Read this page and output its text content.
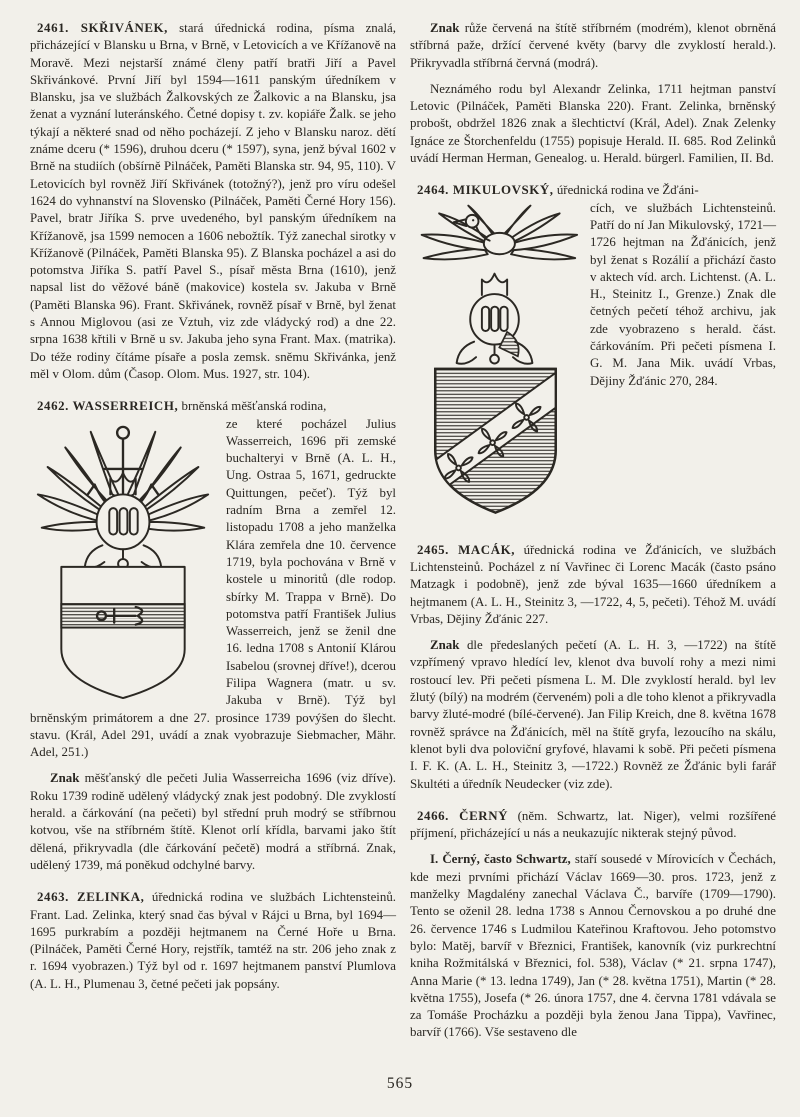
2461. SKŘIVÁNEK, stará úřednická rodina, písma znalá, přicházející v Blansku u Brna, v Brně, v Letovicích a ve Křížanově na Moravě. Mezi nejstarší známé členy patří bratři Jiří a Pavel Skřivánkové. První Jiří byl 1594—1611 panským úředníkem v Blansku, jsa ve službách Žalkovských ze Žalkovic a na Blansku, jsa ženat a vyznání luteránského. Četné dopisy t. zv. kopiáře Žalk. se jeho týkají a některé snad od něho pocházejí. Z jeho v Blansku naroz. dětí známe dceru (* 1596), druhou dceru (* 1597), syna, jenž býval 1602 v Brně na studiích (obšírně Pilnáček, Paměti Blanska str. 94, 95, 110). V Letovicích byl rovněž Jiří Skřivánek (totožný?), jenž pro víru odešel 1624 do vyhnanství na Slovensko (Pilnáček, Paměti Černé Hory 156). Pavel, bratr Jiříka S. prve uvedeného, byl panským úředníkem na Křížanově, jsa 1599 nemocen a 1606 nebožtík. Týž zanechal sirotky v Křížanově (Pilnáček, Paměti Blanska 95). Z Blanska pocházel a asi do potomstva Jiříka S. patří Pavel S., písař města Brna (1610), jenž napsal list do věžové báně (makovice) kostela sv. Jakuba v Brně (Paměti Blanska 96). Frant. Skřivánek, rovněž písař v Brně, byl ženat s Annou Miglovou (asi ze Vztuh, viz zde vládycký rod) a dne 22. srpna 1638 křtili v Brně u sv. Jakuba jeho syna Frant. Max. (matrika). Do téže rodiny čítáme písaře a posla zemsk. sněmu Skřivánka, jenž měl v Olom. dům (Časop. Olom. Mus. 1927, str. 104).

2462. WASSERREICH, brněnská měšťanská rodina,

ze které pocházel Julius Wasserreich, 1696 při zemské buchalteryi v Brně (A. L. H., Ung. Ostraa 5, 1671, gedruckte Quittungen, pečeť). Týž byl radním Brna a zemřel 12. listopadu 1708 a jeho manželka Klára zemřela dne 10. července 1719, byla pochována v Brně v kostele u minoritů (dle rodop. sbírky M. Trappa v Brně). Do potomstva patří František Julius Wasserreich, jenž se ženil dne 16. ledna 1708 s Antonií Klárou Isabelou (srovnej dříve!), dcerou Filipa Wagnera (matr. u sv. Jakuba v Brně). Týž byl brněnským primátorem a dne 27. prosince 1739 povýšen do šlecht. stavu. (Král, Adel 291, uvádí a znak vyobrazuje Siebmacher, Mähr. Adel, 251.)

Znak měšťanský dle pečeti Julia Wasserreicha 1696 (viz dříve). Roku 1739 rodině udělený vládycký znak jest podobný. Dle zvyklostí herald. a čárkování (na pečeti) byl střední pruh modrý se stříbrnou kotvou, vše na stříbrném štítě. Klenot orlí křídla, barvami jako štít dělená, přikryvadla (dle čárkování pečetě) modrá a stříbrná. Znak, udělený 1739, má poněkud odchylné barvy.

2463. ZELINKA, úřednická rodina ve službách Lichtensteinů. Frant. Lad. Zelinka, který snad čas býval v Rájci u Brna, byl 1694—1695 purkrabím a později hejtmanem na Černé Hoře u Brna. (Pilnáček, Paměti Černé Hory, rejstřík, tamtéž na str. 206 jeho znak z r. 1694 vyobrazen.) Týž byl od r. 1697 hejtmanem panství Plumlova (A. L. H., Plumenau 3, četné pečeti jak popsány.

Znak růže červená na štítě stříbrném (modrém), klenot obrněná stříbrná paže, držící červené květy (barvy dle zvyklostí herald.). Přikryvadla stříbrná červná (modrá).

Neznámého rodu byl Alexandr Zelinka, 1711 hejtman panství Letovic (Pilnáček, Paměti Blanska 220). Frant. Zelinka, brněnský probošt, obdržel 1826 znak a šlechtictví (Král, Adel). Znak Zelenky Ignáce ze Štorchenfeldu (1755) popisuje Herald. II. 685. Rod Zelinků uvádí Herman Herman, Genealog. u. Herald. bürgerl. Familien, II. Bd.

2464. MIKULOVSKÝ, úřednická rodina ve Žďáni-

cích, ve službách Lichtensteinů. Patří do ní Jan Mikulovský, 1721—1726 hejtman na Žďánicích, jenž byl ženat s Rozálií a přichází často v aktech víd. arch. Lichtenst. (A. L. H., Steinitz I., Grenze.) Znak dle četných pečetí téhož archivu, jak zde vyobrazeno s herald. část. čárkováním. Při pečeti písmena I. G. M. Jana Mik. uvádí Vrbas, Dějiny Žďánic 270, 284.

2465. MACÁK, úřednická rodina ve Žďánicích, ve službách Lichtensteinů. Pocházel z ní Vavřinec či Lorenc Macák (často psáno Matzagk i podobně), jenž zde býval 1635—1660 úředníkem a hejtmanem (A. L. H., Steinitz 3, —1722, 4, 5, pečeti). Téhož M. uvádí Vrbas, Dějiny Žďánic 227.

Znak dle předeslaných pečetí (A. L. H. 3, —1722) na štítě vzpřímený vpravo hledící lev, klenot dva buvolí rohy a mezi nimi rostoucí lev. Při pečeti písmena L. M. Dle zvyklostí herald. byl lev žlutý (bílý) na modrém (červeném) poli a dle toho klenot a přikryvadla barvy žluté-modré (bílé-červené). Jan Filip Kreich, dne 8. května 1678 rovněž správce na Žďánicích, měl na štítě gryfa, lezoucího na skálu, klenot byli dva poloviční gryfové, hlavami k sobě. Při pečeti písmena I. F. K. (A. L. H., Steinitz 3, —1722.) Rovněž ze Žďánic byli farář Skultéti a úředník Neudecker (viz zde).

2466. ČERNÝ (něm. Schwartz, lat. Niger), velmi rozšířené příjmení, přicházející u nás a neukazujíc nikterak stejný původ.

I. Černý, často Schwartz, staří sousedé v Mírovicích v Čechách, kde mezi prvními přichází Václav 1669—30. pros. 1723, jenž z manželky Magdalény zanechal Václava Č., barvíře (1709—1790). Tento se oženil 28. ledna 1738 s Annou Černovskou a po druhé dne 26. července 1746 s Ludmilou Kateřinou Kraftovou. Jeho potomstvo bylo: Matěj, barvíř v Březnici, František, kanovník (viz purkrechtní kniha Rožmitálská v Březnici, fol. 538), Václav (* 21. srpna 1747), Anna Marie (* 13. ledna 1749), Jan (* 28. května 1751), Martin (* 28. května 1755), Josefa (* 26. února 1757, dne 4. června 1781 vdávala se za Tomáše Procházku a později byla ženou Jana Tippa), Vavřinec, barvíř (1766). Vše sestaveno dle

565
